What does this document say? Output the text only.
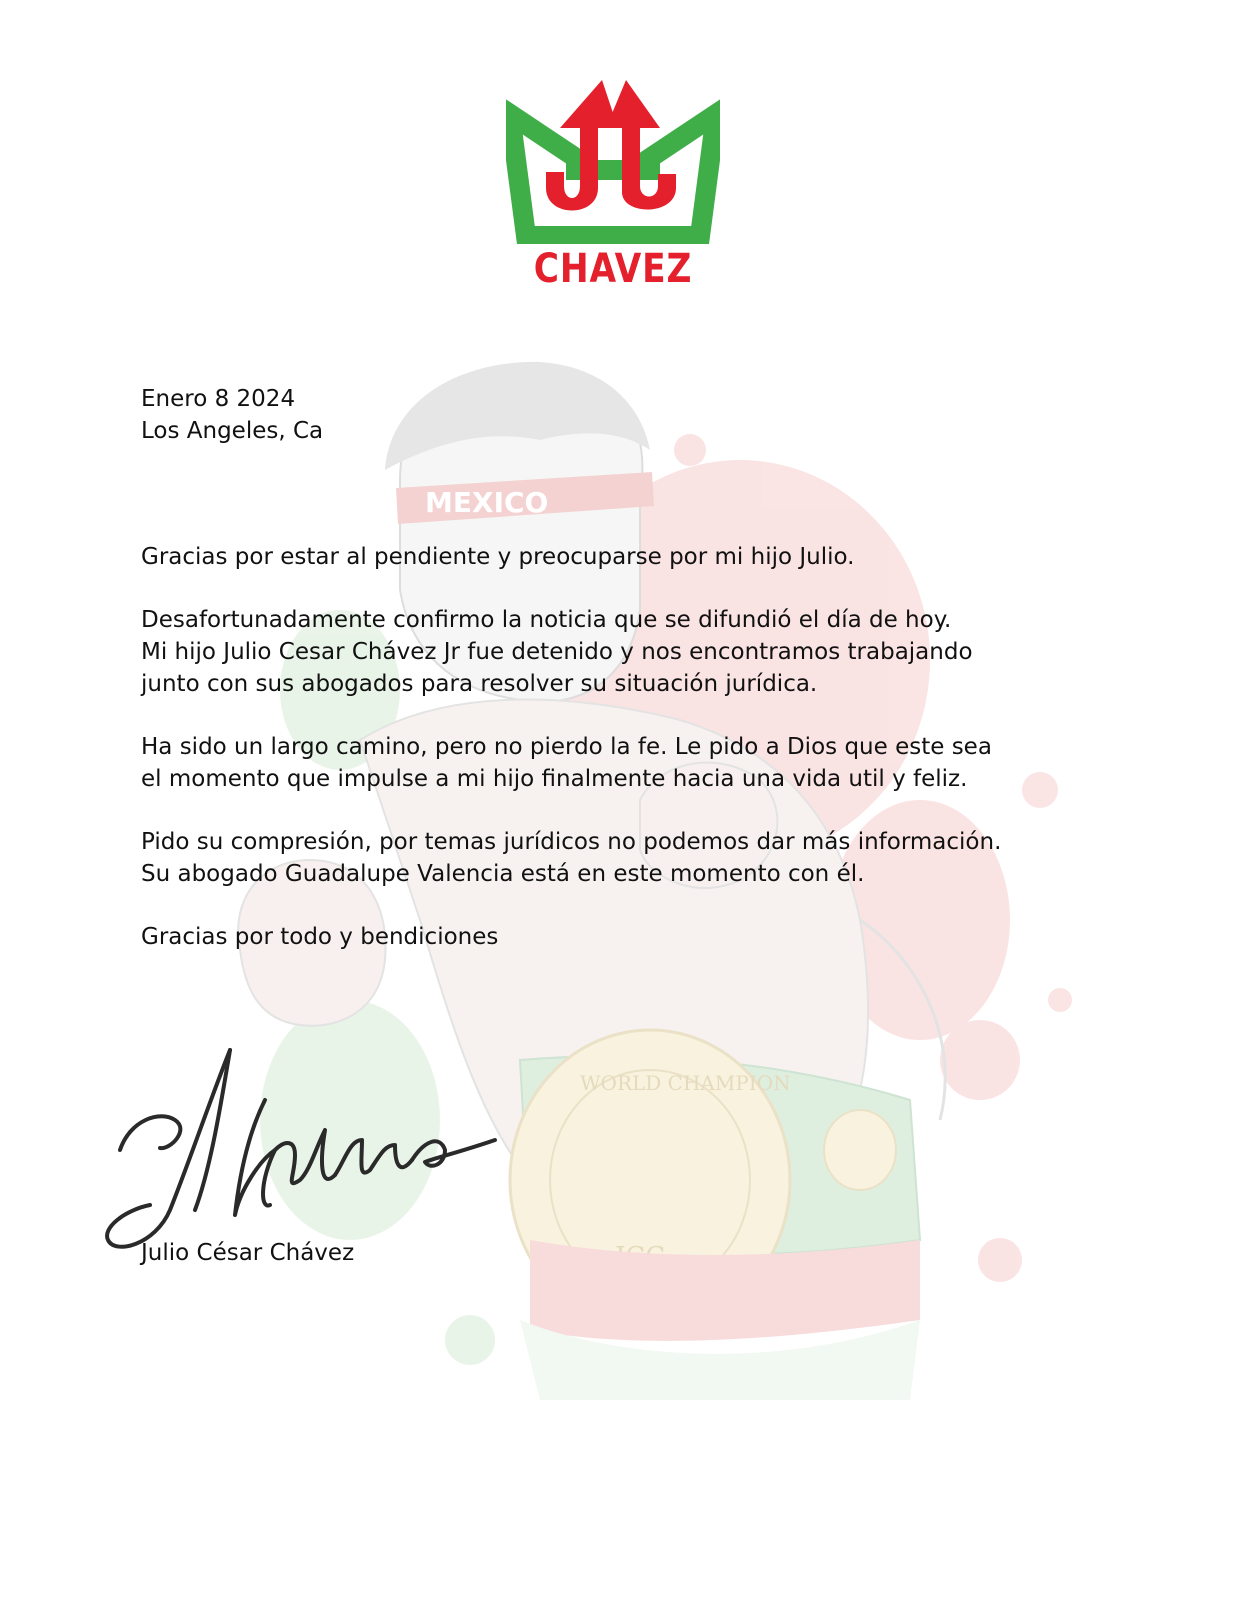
MEXICO
WORLD CHAMPION
CHAVEZ
Enero 8 2024
Los Angeles, Ca
Gracias por estar al pendiente y preocuparse por mi hijo Julio.
Desafortunadamente confirmo la noticia que se difundió el día de hoy.
Mi hijo Julio Cesar Chávez Jr fue detenido y nos encontramos trabajando
junto con sus abogados para resolver su situación jurídica.
Ha sido un largo camino, pero no pierdo la fe. Le pido a Dios que este sea
el momento que impulse a mi hijo finalmente hacia una vida util y feliz.
Pido su compresión, por temas jurídicos no podemos dar más información.
Su abogado Guadalupe Valencia está en este momento con él.
Gracias por todo y bendiciones
Julio César Chávez
